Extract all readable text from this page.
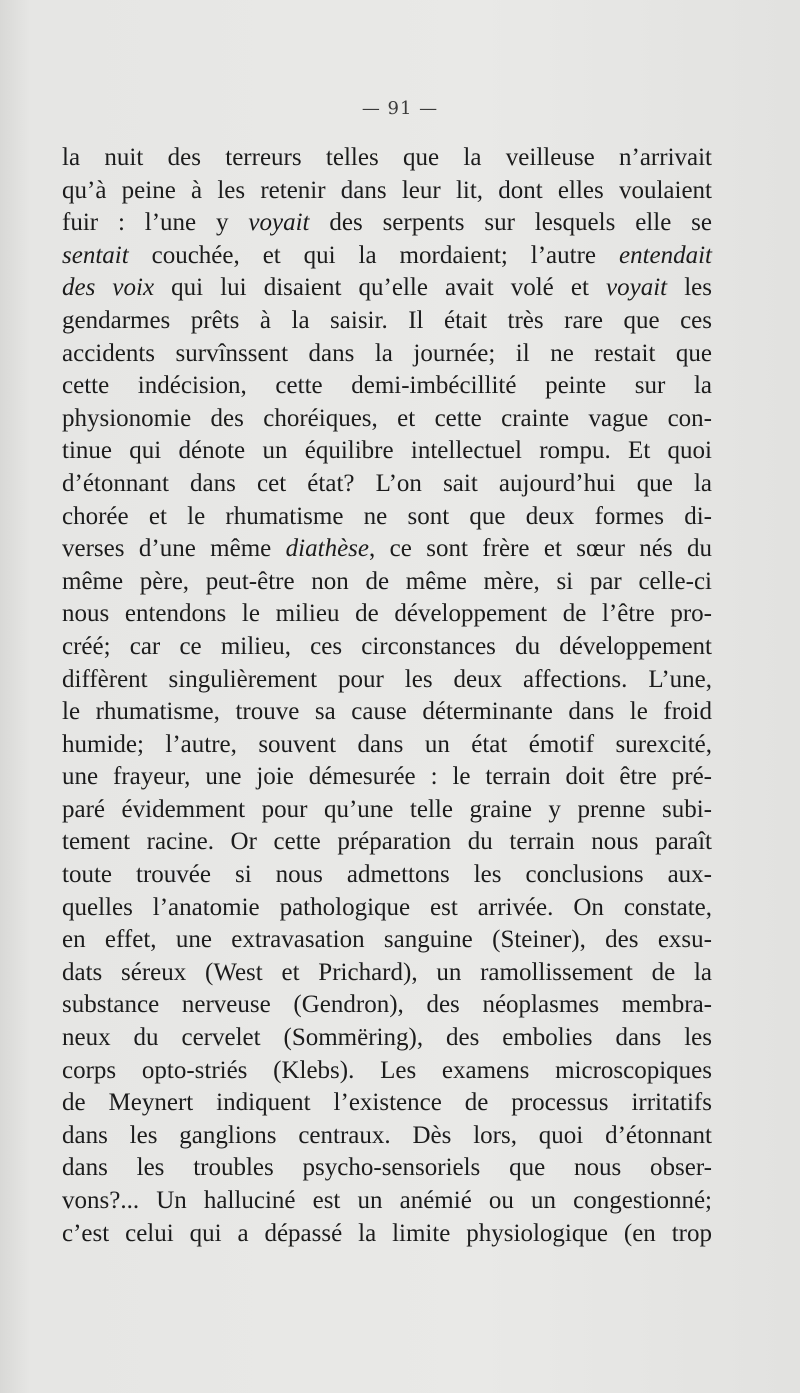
— 91 —
la nuit des terreurs telles que la veilleuse n’arrivait
qu’à peine à les retenir dans leur lit, dont elles voulaient
fuir : l’une y voyait des serpents sur lesquels elle se
sentait couchée, et qui la mordaient; l’autre entendait
des voix qui lui disaient qu’elle avait volé et voyait les
gendarmes prêts à la saisir. Il était très rare que ces
accidents survînssent dans la journée; il ne restait que
cette indécision, cette demi-imbécillité peinte sur la
physionomie des choréiques, et cette crainte vague con-
tinue qui dénote un équilibre intellectuel rompu. Et quoi
d’étonnant dans cet état? L’on sait aujourd’hui que la
chorée et le rhumatisme ne sont que deux formes di-
verses d’une même diathèse, ce sont frère et sœur nés du
même père, peut-être non de même mère, si par celle-ci
nous entendons le milieu de développement de l’être pro-
créé; car ce milieu, ces circonstances du développement
diffèrent singulièrement pour les deux affections. L’une,
le rhumatisme, trouve sa cause déterminante dans le froid
humide; l’autre, souvent dans un état émotif surexcité,
une frayeur, une joie démesurée : le terrain doit être pré-
paré évidemment pour qu’une telle graine y prenne subi-
tement racine. Or cette préparation du terrain nous paraît
toute trouvée si nous admettons les conclusions aux-
quelles l’anatomie pathologique est arrivée. On constate,
en effet, une extravasation sanguine (Steiner), des exsu-
dats séreux (West et Prichard), un ramollissement de la
substance nerveuse (Gendron), des néoplasmes membra-
neux du cervelet (Sommëring), des embolies dans les
corps opto-striés (Klebs). Les examens microscopiques
de Meynert indiquent l’existence de processus irritatifs
dans les ganglions centraux. Dès lors, quoi d’étonnant
dans les troubles psycho-sensoriels que nous obser-
vons?... Un halluciné est un anémié ou un congestionné;
c’est celui qui a dépassé la limite physiologique (en trop
